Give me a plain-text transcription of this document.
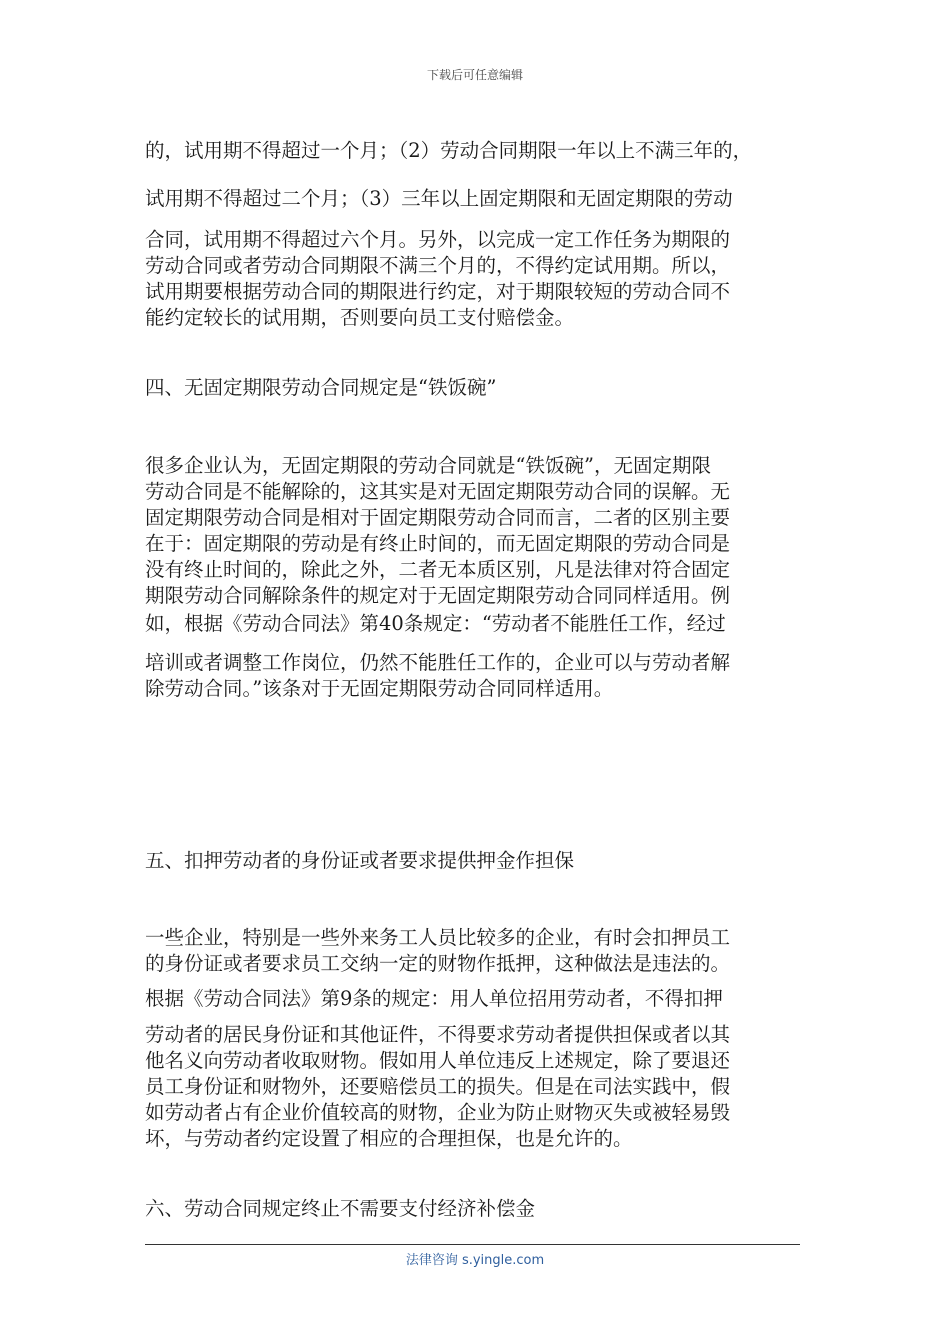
下载后可任意编辑
的，试用期不得超过一个月；（2）劳动合同期限一年以上不满三年的，
试用期不得超过二个月；（3）三年以上固定期限和无固定期限的劳动
合同，试用期不得超过六个月。另外，以完成一定工作任务为期限的
劳动合同或者劳动合同期限不满三个月的，不得约定试用期。所以，
试用期要根据劳动合同的期限进行约定，对于期限较短的劳动合同不
能约定较长的试用期，否则要向员工支付赔偿金。
四、无固定期限劳动合同规定是“铁饭碗”
很多企业认为，无固定期限的劳动合同就是“铁饭碗”，无固定期限
劳动合同是不能解除的，这其实是对无固定期限劳动合同的误解。无
固定期限劳动合同是相对于固定期限劳动合同而言，二者的区别主要
在于：固定期限的劳动是有终止时间的，而无固定期限的劳动合同是
没有终止时间的，除此之外，二者无本质区别，凡是法律对符合固定
期限劳动合同解除条件的规定对于无固定期限劳动合同同样适用。例
如，根据《劳动合同法》第40条规定：“劳动者不能胜任工作，经过
培训或者调整工作岗位，仍然不能胜任工作的，企业可以与劳动者解
除劳动合同。”该条对于无固定期限劳动合同同样适用。
五、扣押劳动者的身份证或者要求提供押金作担保
一些企业，特别是一些外来务工人员比较多的企业，有时会扣押员工
的身份证或者要求员工交纳一定的财物作抵押，这种做法是违法的。
根据《劳动合同法》第9条的规定：用人单位招用劳动者，不得扣押
劳动者的居民身份证和其他证件，不得要求劳动者提供担保或者以其
他名义向劳动者收取财物。假如用人单位违反上述规定，除了要退还
员工身份证和财物外，还要赔偿员工的损失。但是在司法实践中，假
如劳动者占有企业价值较高的财物，企业为防止财物灭失或被轻易毁
坏，与劳动者约定设置了相应的合理担保，也是允许的。
六、劳动合同规定终止不需要支付经济补偿金
法律咨询 s.yingle.com
